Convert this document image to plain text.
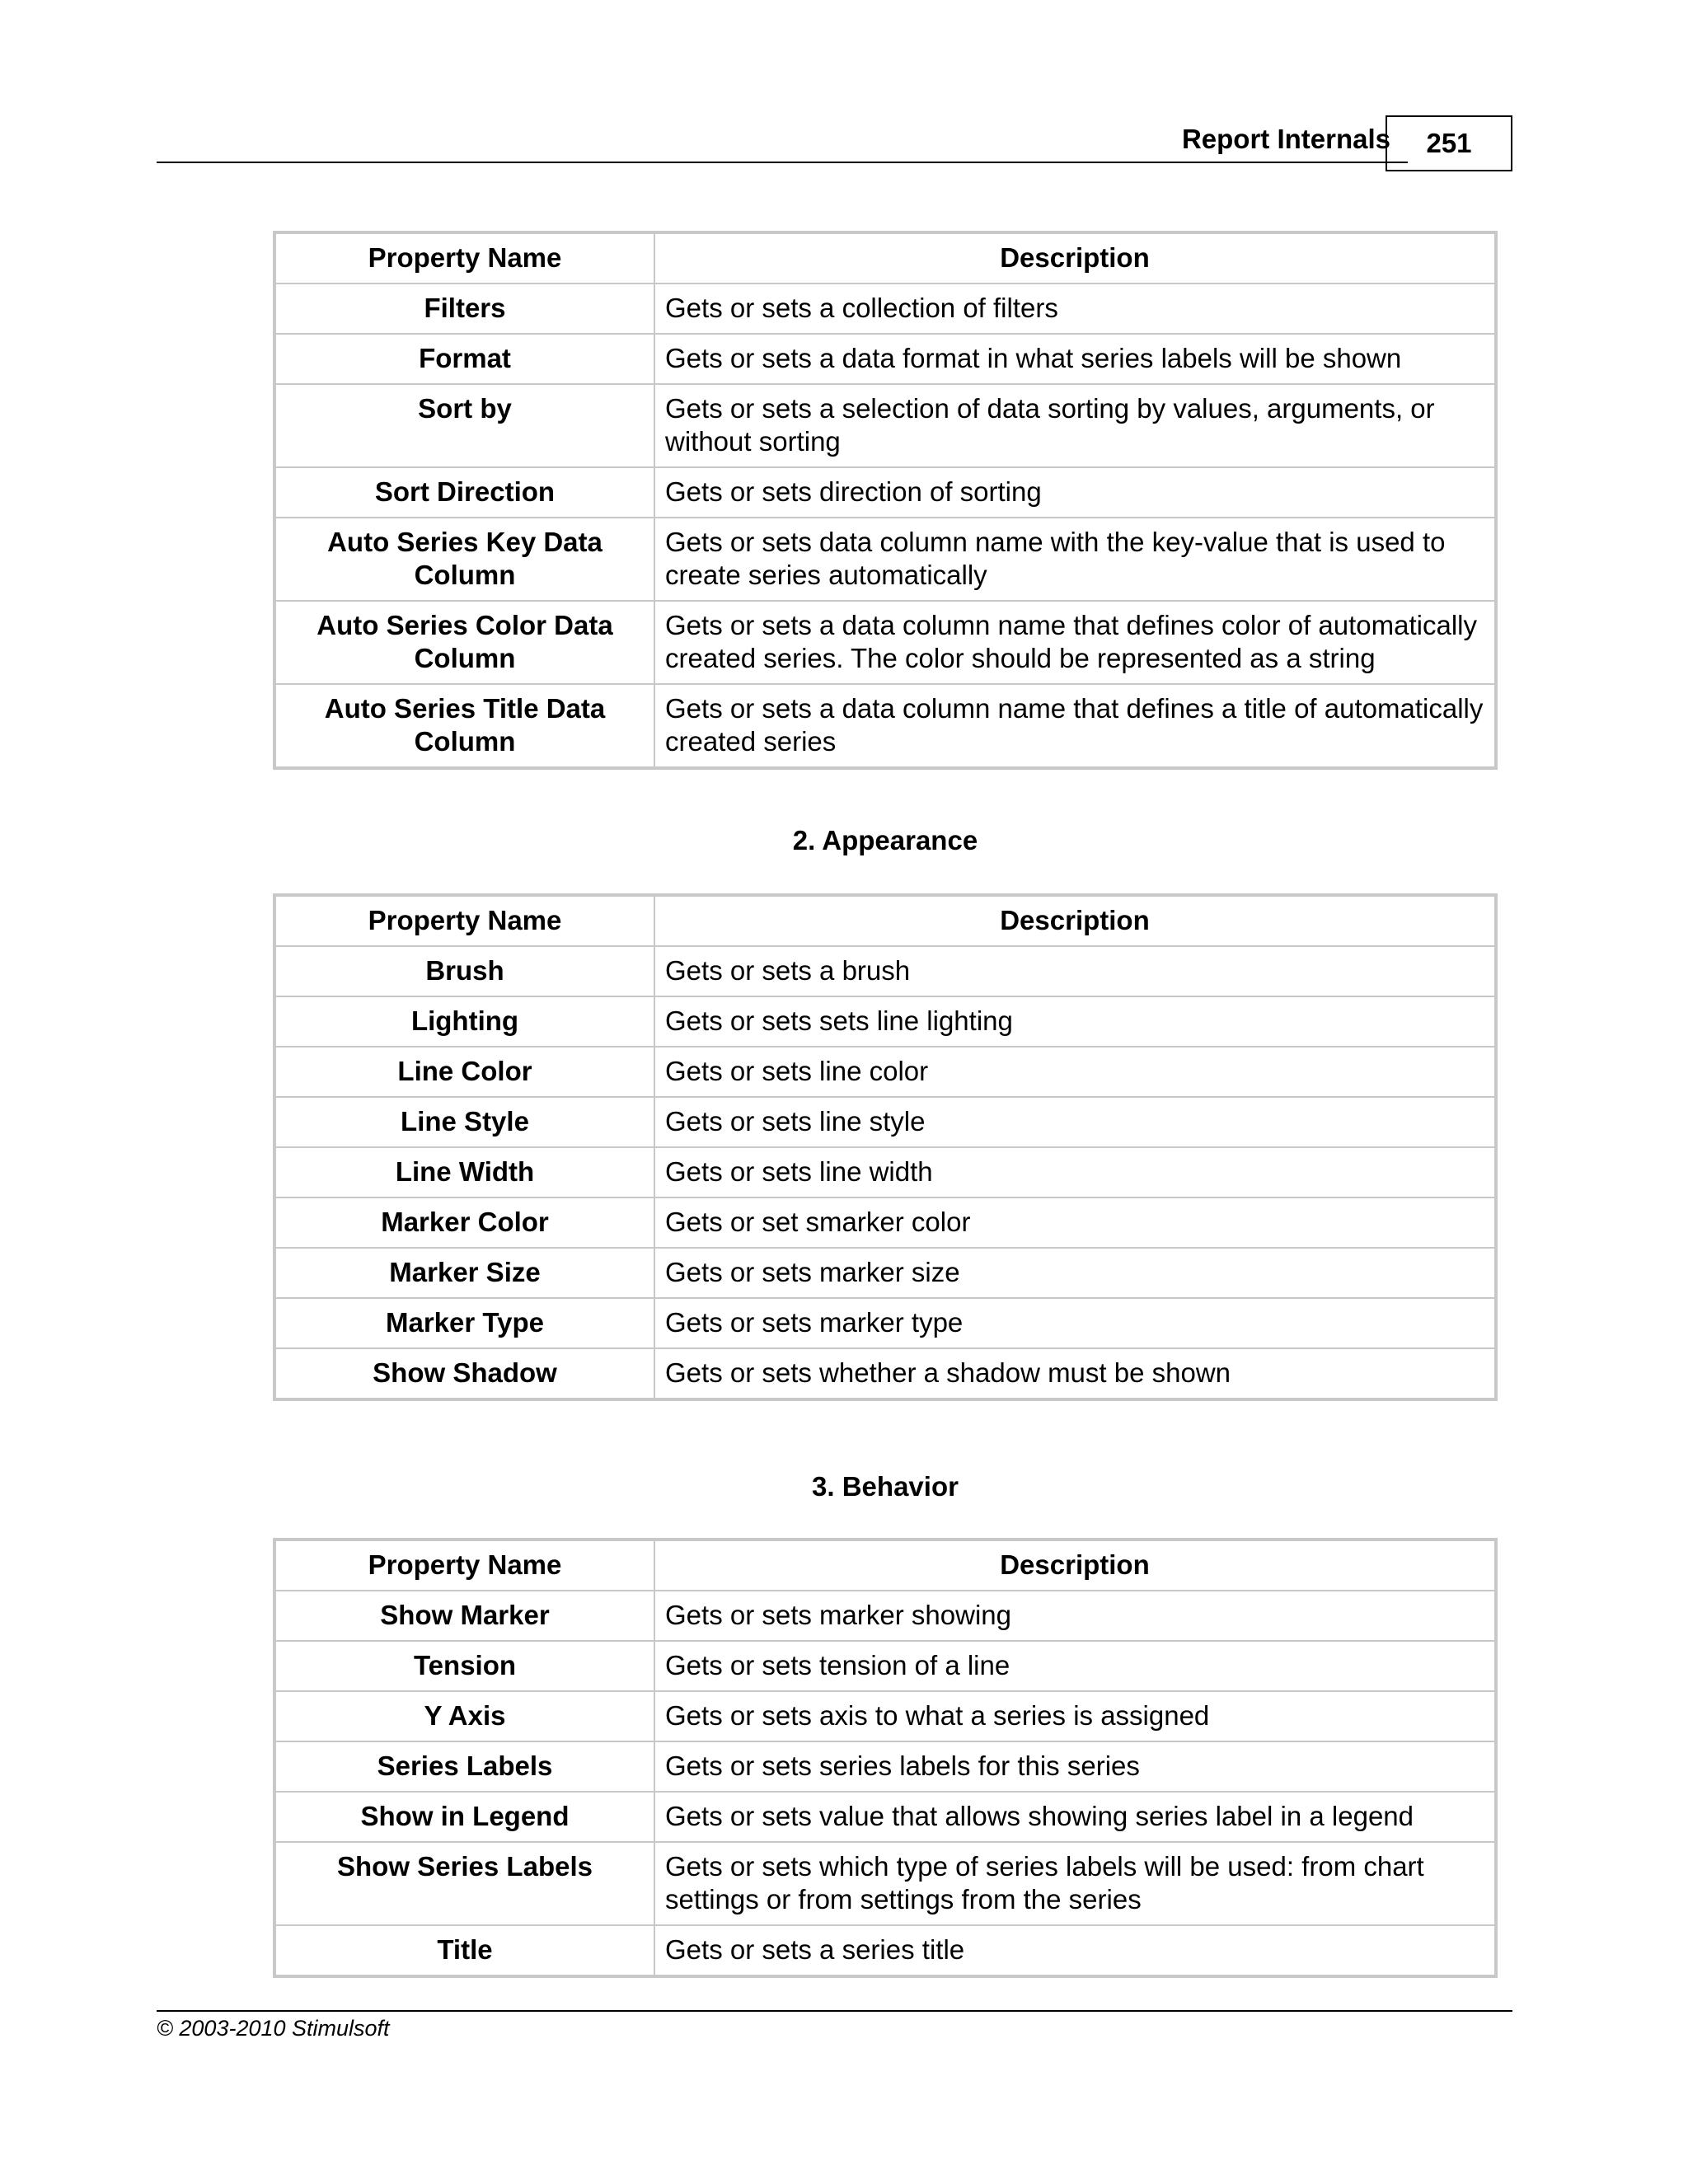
Report Internals	251
Property Name	Description
Filters	Gets or sets a collection of filters
Format	Gets or sets a data format in what series labels will be shown
Sort by	Gets or sets a selection of data sorting by values, arguments, or without sorting
Sort Direction	Gets or sets direction of sorting
Auto Series Key Data Column	Gets or sets data column name with the key-value that is used to create series automatically
Auto Series Color Data Column	Gets or sets a data column name that defines color of automatically created series. The color should be represented as a string
Auto Series Title Data Column	Gets or sets a data column name that defines a title of automatically created series
2. Appearance
Property Name	Description
Brush	Gets or sets a brush
Lighting	Gets or sets sets line lighting
Line Color	Gets or sets line color
Line Style	Gets or sets line style
Line Width	Gets or sets line width
Marker Color	Gets or set smarker color
Marker Size	Gets or sets marker size
Marker Type	Gets or sets marker type
Show Shadow	Gets or sets whether a shadow must be shown
3. Behavior
Property Name	Description
Show Marker	Gets or sets marker showing
Tension	Gets or sets tension of a line
Y Axis	Gets or sets axis to what a series is assigned
Series Labels	Gets or sets series labels for this series
Show in Legend	Gets or sets value that allows showing series label in a legend
Show Series Labels	Gets or sets which type of series labels will be used: from chart settings or from settings from the series
Title	Gets or sets a series title
© 2003-2010 Stimulsoft
